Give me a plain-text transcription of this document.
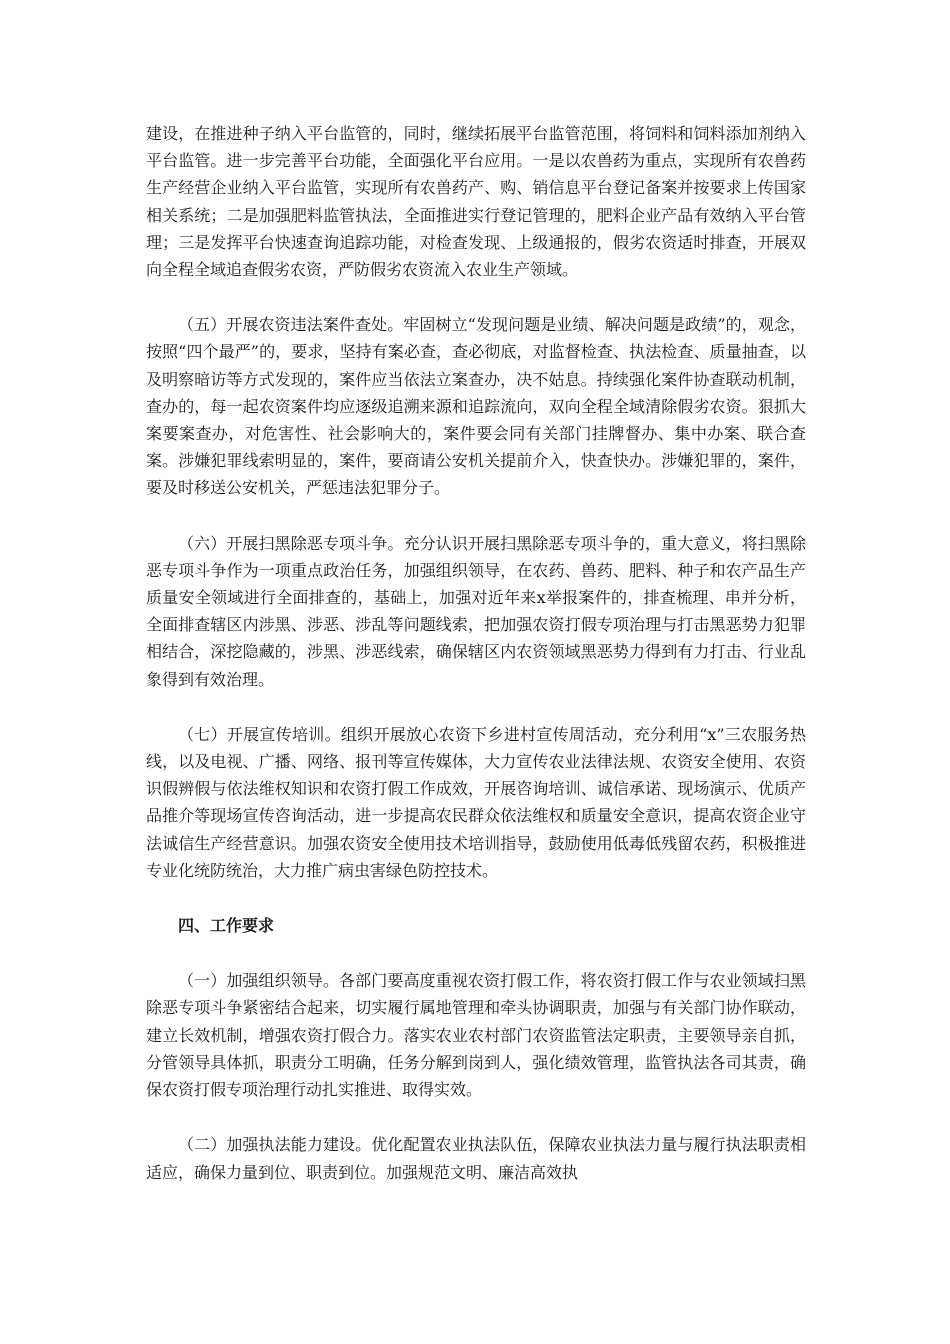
建设，在推进种子纳入平台监管的，同时，继续拓展平台监管范围，将饲料和饲料添加剂纳入平台监管。进一步完善平台功能，全面强化平台应用。一是以农兽药为重点，实现所有农兽药生产经营企业纳入平台监管，实现所有农兽药产、购、销信息平台登记备案并按要求上传国家相关系统；二是加强肥料监管执法，全面推进实行登记管理的，肥料企业产品有效纳入平台管理；三是发挥平台快速查询追踪功能，对检查发现、上级通报的，假劣农资适时排查，开展双向全程全域追查假劣农资，严防假劣农资流入农业生产领域。

（五）开展农资违法案件查处。牢固树立“发现问题是业绩、解决问题是政绩”的，观念，按照“四个最严”的，要求，坚持有案必查，查必彻底，对监督检查、执法检查、质量抽查，以及明察暗访等方式发现的，案件应当依法立案查办，决不姑息。持续强化案件协查联动机制，查办的，每一起农资案件均应逐级追溯来源和追踪流向，双向全程全域清除假劣农资。狠抓大案要案查办，对危害性、社会影响大的，案件要会同有关部门挂牌督办、集中办案、联合查案。涉嫌犯罪线索明显的，案件，要商请公安机关提前介入，快查快办。涉嫌犯罪的，案件，要及时移送公安机关，严惩违法犯罪分子。

（六）开展扫黑除恶专项斗争。充分认识开展扫黑除恶专项斗争的，重大意义，将扫黑除恶专项斗争作为一项重点政治任务，加强组织领导，在农药、兽药、肥料、种子和农产品生产质量安全领域进行全面排查的，基础上，加强对近年来x举报案件的，排查梳理、串并分析，全面排查辖区内涉黑、涉恶、涉乱等问题线索，把加强农资打假专项治理与打击黑恶势力犯罪相结合，深挖隐藏的，涉黑、涉恶线索，确保辖区内农资领域黑恶势力得到有力打击、行业乱象得到有效治理。

（七）开展宣传培训。组织开展放心农资下乡进村宣传周活动，充分利用“x”三农服务热线，以及电视、广播、网络、报刊等宣传媒体，大力宣传农业法律法规、农资安全使用、农资识假辨假与依法维权知识和农资打假工作成效，开展咨询培训、诚信承诺、现场演示、优质产品推介等现场宣传咨询活动，进一步提高农民群众依法维权和质量安全意识，提高农资企业守法诚信生产经营意识。加强农资安全使用技术培训指导，鼓励使用低毒低残留农药，积极推进专业化统防统治，大力推广病虫害绿色防控技术。

四、工作要求

（一）加强组织领导。各部门要高度重视农资打假工作，将农资打假工作与农业领域扫黑除恶专项斗争紧密结合起来，切实履行属地管理和牵头协调职责，加强与有关部门协作联动，建立长效机制，增强农资打假合力。落实农业农村部门农资监管法定职责，主要领导亲自抓，分管领导具体抓，职责分工明确，任务分解到岗到人，强化绩效管理，监管执法各司其责，确保农资打假专项治理行动扎实推进、取得实效。

（二）加强执法能力建设。优化配置农业执法队伍，保障农业执法力量与履行执法职责相适应，确保力量到位、职责到位。加强规范文明、廉洁高效执
